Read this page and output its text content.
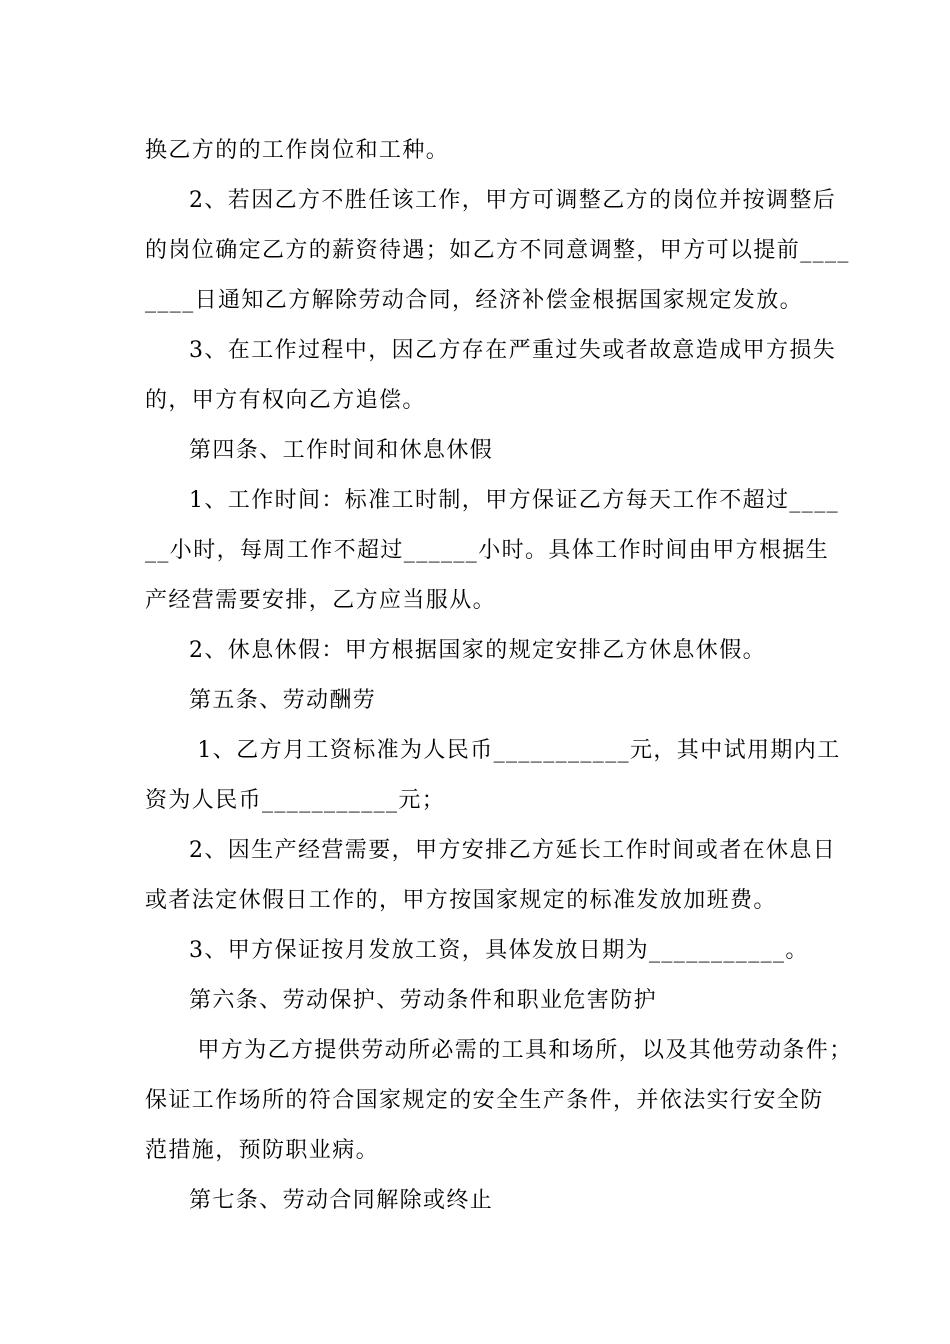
换乙方的的工作岗位和工种。
2、若因乙方不胜任该工作，甲方可调整乙方的岗位并按调整后
的岗位确定乙方的薪资待遇；如乙方不同意调整，甲方可以提前____
____日通知乙方解除劳动合同，经济补偿金根据国家规定发放。
3、在工作过程中，因乙方存在严重过失或者故意造成甲方损失
的，甲方有权向乙方追偿。
第四条、工作时间和休息休假
1、工作时间：标准工时制，甲方保证乙方每天工作不超过____
__小时，每周工作不超过______小时。具体工作时间由甲方根据生
产经营需要安排，乙方应当服从。
2、休息休假：甲方根据国家的规定安排乙方休息休假。
第五条、劳动酬劳
1、乙方月工资标准为人民币___________元，其中试用期内工
资为人民币___________元；
2、因生产经营需要，甲方安排乙方延长工作时间或者在休息日
或者法定休假日工作的，甲方按国家规定的标准发放加班费。
3、甲方保证按月发放工资，具体发放日期为___________。
第六条、劳动保护、劳动条件和职业危害防护
甲方为乙方提供劳动所必需的工具和场所，以及其他劳动条件；
保证工作场所的符合国家规定的安全生产条件，并依法实行安全防
范措施，预防职业病。
第七条、劳动合同解除或终止
